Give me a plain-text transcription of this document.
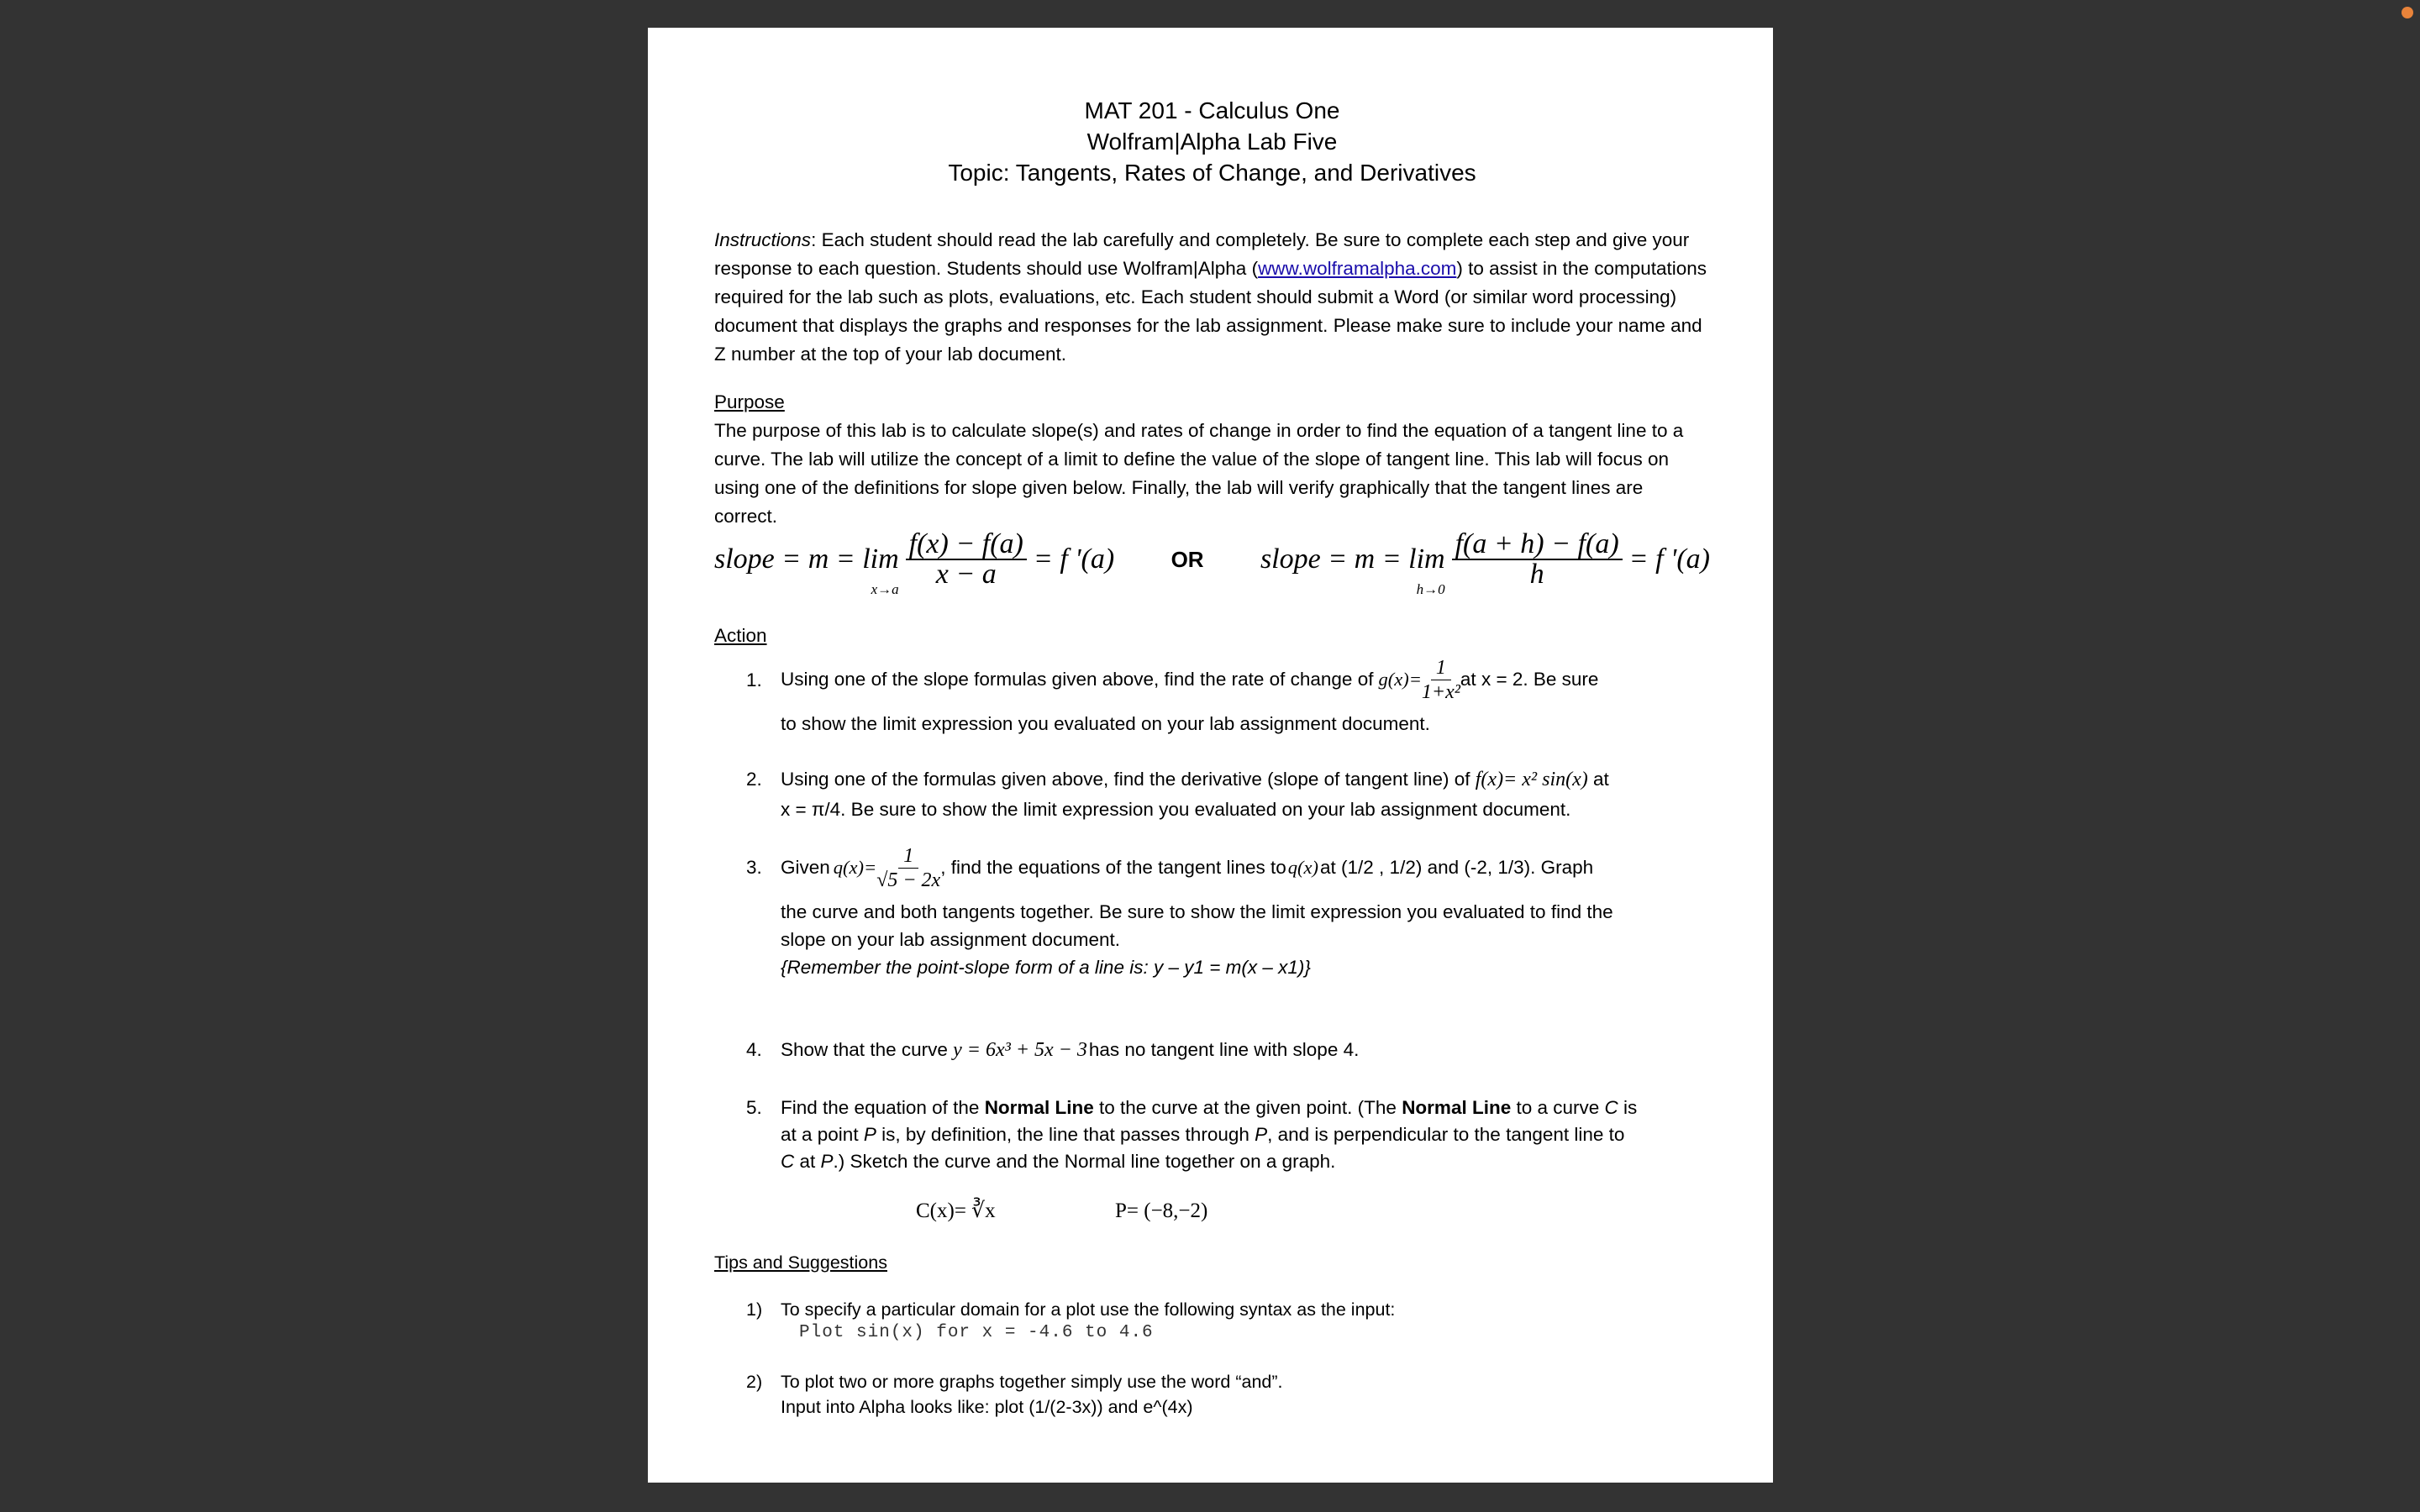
MAT 201 - Calculus One
Wolfram|Alpha Lab Five
Topic: Tangents, Rates of Change, and Derivatives

Instructions: Each student should read the lab carefully and completely. Be sure to complete each step and give your response to each question. Students should use Wolfram|Alpha (www.wolframalpha.com) to assist in the computations required for the lab such as plots, evaluations, etc. Each student should submit a Word (or similar word processing) document that displays the graphs and responses for the lab assignment. Please make sure to include your name and Z number at the top of your lab document.

Purpose

The purpose of this lab is to calculate slope(s) and rates of change in order to find the equation of a tangent line to a curve. The lab will utilize the concept of a limit to define the value of the slope of tangent line. This lab will focus on using one of the definitions for slope given below. Finally, the lab will verify graphically that the tangent lines are correct.

slope = m = lim
x→a
$\frac{f(x) - f(a)}{x - a} = f$ '(a)	OR slope = m = lim
h→0
$\frac{f(a + h) - f(a)}{h} = f$ '(a)
Action
1. Using one of the slope formulas given above, find the rate of change of $g(x)= \frac{1}{\text{1+x²}}$ at x = 2. Be sure
to show the limit expression you evaluated on your lab assignment document.
2. Using one of the formulas given above, find the derivative (slope of tangent line) of f(x)= x² sin(x) at
x = π/4. Be sure to show the limit expression you evaluated on your lab assignment document.
3. Given $q(x)= \frac{1}{√5 - 2x}$ , find the equations of the tangent lines to q(x) at (1/2 , 1/2) and (-2, 1/3). Graph
the curve and both tangents together. Be sure to show the limit expression you evaluated to find the
slope on your lab assignment document.
{Remember the point-slope form of a line is: y – y1 = m(x – x1)}
4. Show that the curve y = 6x³ + 5x − 3has no tangent line with slope 4.
5. Find the equation of the Normal Line to the curve at the given point. (The Normal Line to a curve C is
at a point P is, by definition, the line that passes through P, and is perpendicular to the tangent line to
C at P.) Sketch the curve and the Normal line together on a graph.
C(x)= ∛x	P= (−8,−2)
Tips and Suggestions
1) To specify a particular domain for a plot use the following syntax as the input:
Plot sin(x) for x = -4.6 to 4.6
2) To plot two or more graphs together simply use the word “and”.
Input into Alpha looks like: plot (1/(2-3x)) and e^(4x)
